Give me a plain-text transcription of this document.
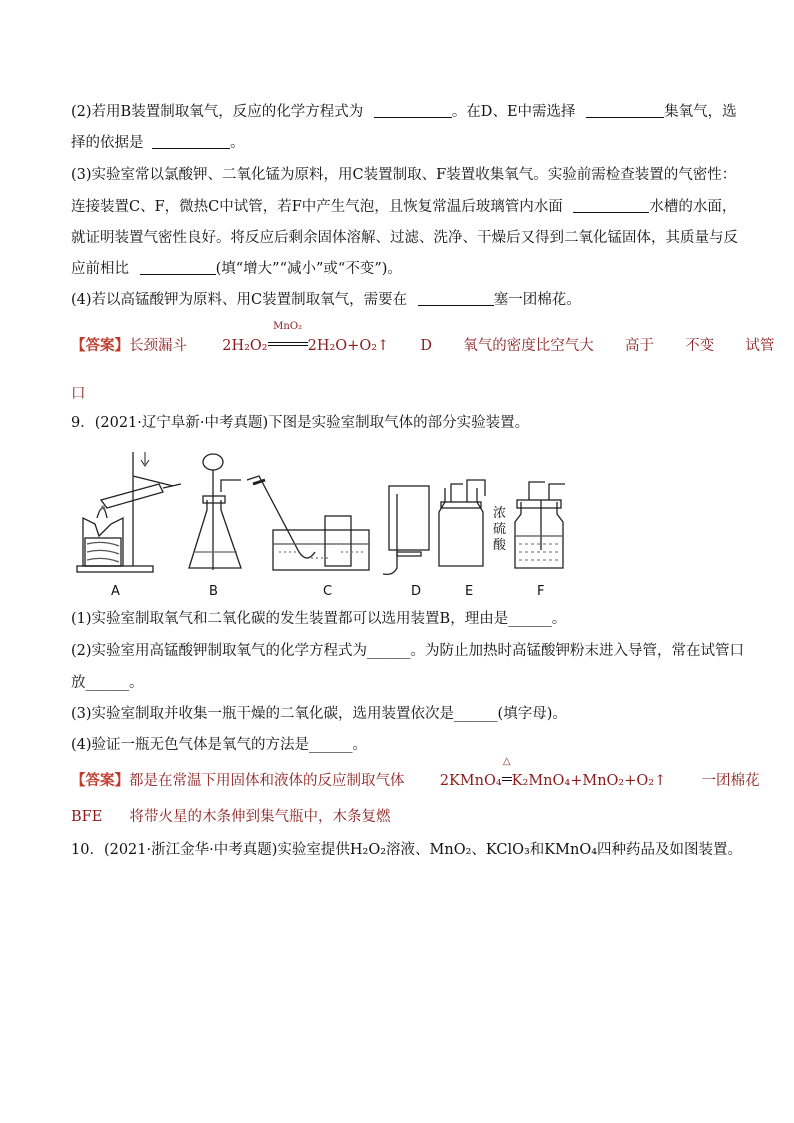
(2)若用B装置制取氧气，反应的化学方程式为	。在D、E中需选择	集氧气，选
择的依据是	。
(3)实验室常以氯酸钾、二氧化锰为原料，用C装置制取、F装置收集氧气。实验前需检查装置的气密性：
连接装置C、F，微热C中试管，若F中产生气泡，且恢复常温后玻璃管内水面	水槽的水面，
就证明装置气密性良好。将反应后剩余固体溶解、过滤、洗净、干燥后又得到二氧化锰固体，其质量与反
应前相比	(填“增大”“减小”或“不变”)。
(4)若以高锰酸钾为原料、用C装置制取氧气，需要在	塞一团棉花。
【答案】长颈漏斗 2H₂O₂
MnO₂
2H₂O+O₂↑ D 氧气的密度比空气大 高于 不变 试管
口
9．(2021·辽宁阜新·中考真题)下图是实验室制取气体的部分实验装置。
浓
硫
酸
A	B	C	D	E	F
(1)实验室制取氧气和二氧化碳的发生装置都可以选用装置B，理由是______。
(2)实验室用高锰酸钾制取氧气的化学方程式为______。为防止加热时高锰酸钾粉末进入导管，常在试管口
放______。
(3)实验室制取并收集一瓶干燥的二氧化碳，选用装置依次是______(填字母)。
(4)验证一瓶无色气体是氧气的方法是______。
【答案】都是在常温下用固体和液体的反应制取气体 2KMnO₄
△
K₂MnO₄+MnO₂+O₂↑ 一团棉花
BFE 将带火星的木条伸到集气瓶中，木条复燃
10．(2021·浙江金华·中考真题)实验室提供H₂O₂溶液、MnO₂、KClO₃和KMnO₄四种药品及如图装置。
